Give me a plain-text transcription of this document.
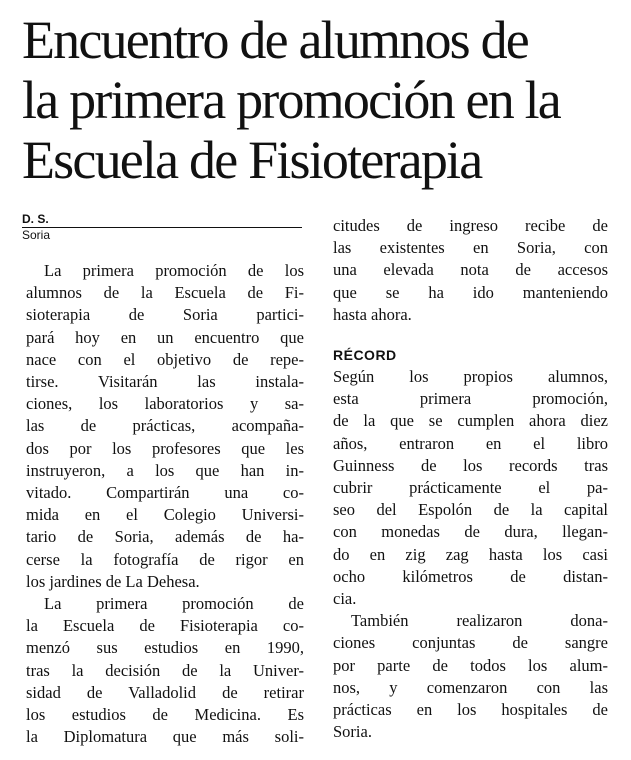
Encuentro de alumnos de
la primera promoción en la
Escuela de Fisioterapia
D. S.
Soria
La primera promoción de los
alumnos de la Escuela de Fi-
sioterapia de Soria partici-
pará hoy en un encuentro que
nace con el objetivo de repe-
tirse. Visitarán las instala-
ciones, los laboratorios y sa-
las de prácticas, acompaña-
dos por los profesores que les
instruyeron, a los que han in-
vitado. Compartirán una co-
mida en el Colegio Universi-
tario de Soria, además de ha-
cerse la fotografía de rigor en
los jardines de La Dehesa.
La primera promoción de
la Escuela de Fisioterapia co-
menzó sus estudios en 1990,
tras la decisión de la Univer-
sidad de Valladolid de retirar
los estudios de Medicina. Es
la Diplomatura que más soli-
citudes de ingreso recibe de
las existentes en Soria, con
una elevada nota de accesos
que se ha ido manteniendo
hasta ahora.
RÉCORD
Según los propios alumnos,
esta primera promoción,
de la que se cumplen ahora diez
años, entraron en el libro
Guinness de los records tras
cubrir prácticamente el pa-
seo del Espolón de la capital
con monedas de dura, llegan-
do en zig zag hasta los casi
ocho kilómetros de distan-
cia.
También realizaron dona-
ciones conjuntas de sangre
por parte de todos los alum-
nos, y comenzaron con las
prácticas en los hospitales de
Soria.
